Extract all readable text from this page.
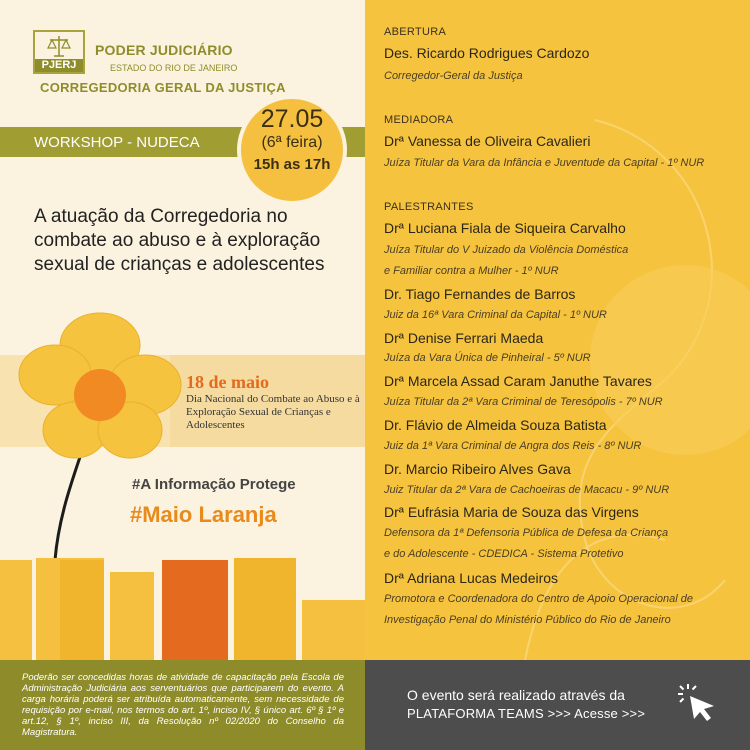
PJERJ
PODER JUDICIÁRIO
ESTADO DO RIO DE JANEIRO
CORREGEDORIA GERAL DA JUSTIÇA
WORKSHOP - NUDECA
27.05
(6ª feira)
15h as 17h
A atuação da Corregedoria no combate ao abuso e à exploração sexual de crianças e adolescentes
18 de maio
Dia Nacional do Combate ao Abuso e à Exploração Sexual de Crianças e Adolescentes
#A Informação Protege
#Maio Laranja
Poderão ser concedidas horas de atividade de capacitação pela Escola de Administração Judiciária aos serventuários que participarem do evento. A carga horária poderá ser atribuída automaticamente, sem necessidade de requisição por e-mail, nos termos do art. 1º, inciso IV, § único art. 6º § 1º e art.12, § 1º, inciso III, da Resolução nº 02/2020 do Conselho da Magistratura.
ABERTURA
Des. Ricardo Rodrigues Cardozo
Corregedor-Geral da Justiça
MEDIADORA
Drª Vanessa de Oliveira Cavalieri
Juíza Titular da Vara da Infância e Juventude da Capital - 1º NUR
PALESTRANTES
Drª Luciana Fiala de Siqueira Carvalho
Juíza Titular do V Juizado da Violência Doméstica
e Familiar contra a Mulher - 1º NUR
Dr. Tiago Fernandes de Barros
Juiz da 16ª Vara Criminal da Capital - 1º NUR
Drª Denise Ferrari Maeda
Juíza da Vara Única de Pinheiral - 5º NUR
Drª Marcela Assad Caram Januthe Tavares
Juíza Titular da 2ª Vara Criminal de Teresópolis - 7º NUR
Dr. Flávio de Almeida Souza Batista
Juiz da 1ª Vara Criminal de Angra dos Reis - 8º NUR
Dr. Marcio Ribeiro Alves Gava
Juiz Titular da 2ª Vara de Cachoeiras de Macacu - 9º NUR
Drª Eufrásia Maria de Souza das Virgens
Defensora da 1ª Defensoria Pública de Defesa da Criança
e do Adolescente - CDEDICA - Sistema Protetivo
Drª Adriana Lucas Medeiros
Promotora e Coordenadora do Centro de Apoio Operacional de
Investigação Penal do Ministério Público do Rio de Janeiro
O evento será realizado através da
PLATAFORMA TEAMS >>> Acesse >>>
